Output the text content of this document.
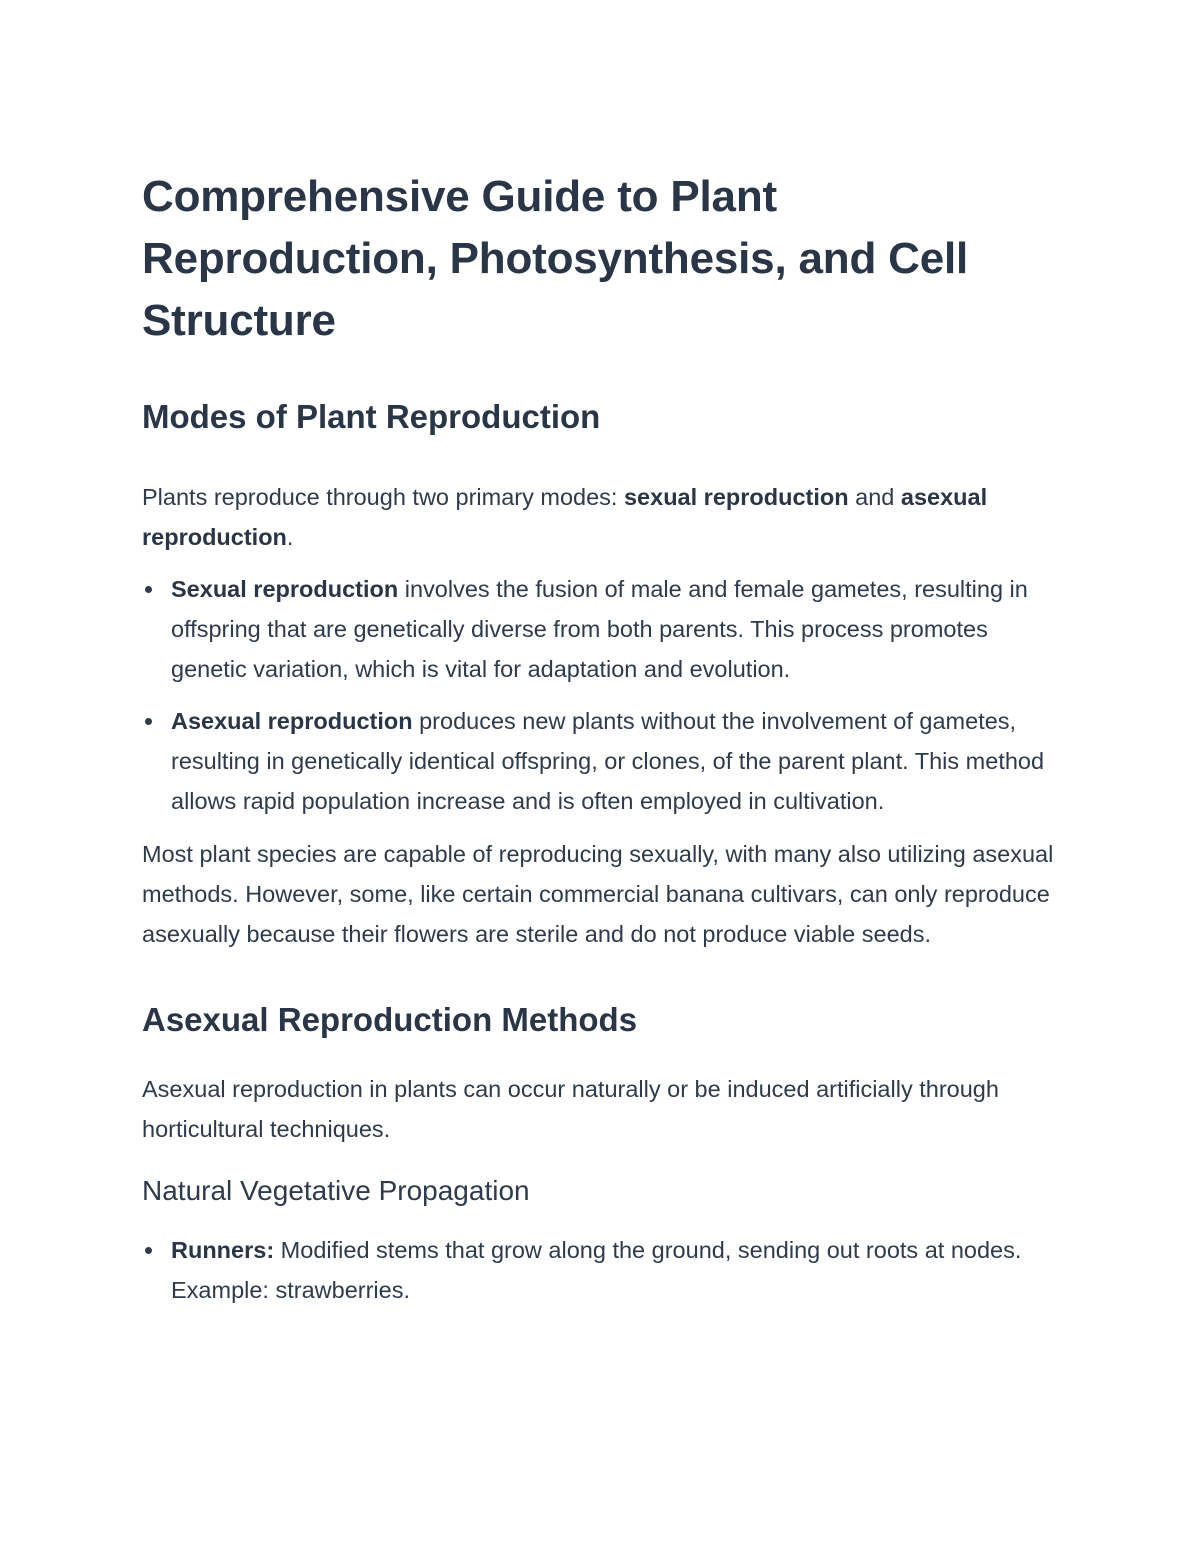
Comprehensive Guide to Plant Reproduction, Photosynthesis, and Cell Structure
Modes of Plant Reproduction

Plants reproduce through two primary modes: sexual reproduction and asexual reproduction.

Sexual reproduction involves the fusion of male and female gametes, resulting in offspring that are genetically diverse from both parents. This process promotes genetic variation, which is vital for adaptation and evolution.
Asexual reproduction produces new plants without the involvement of gametes, resulting in genetically identical offspring, or clones, of the parent plant. This method allows rapid population increase and is often employed in cultivation.

Most plant species are capable of reproducing sexually, with many also utilizing asexual methods. However, some, like certain commercial banana cultivars, can only reproduce asexually because their flowers are sterile and do not produce viable seeds.

Asexual Reproduction Methods

Asexual reproduction in plants can occur naturally or be induced artificially through horticultural techniques.

Natural Vegetative Propagation
Runners: Modified stems that grow along the ground, sending out roots at nodes. Example: strawberries.
